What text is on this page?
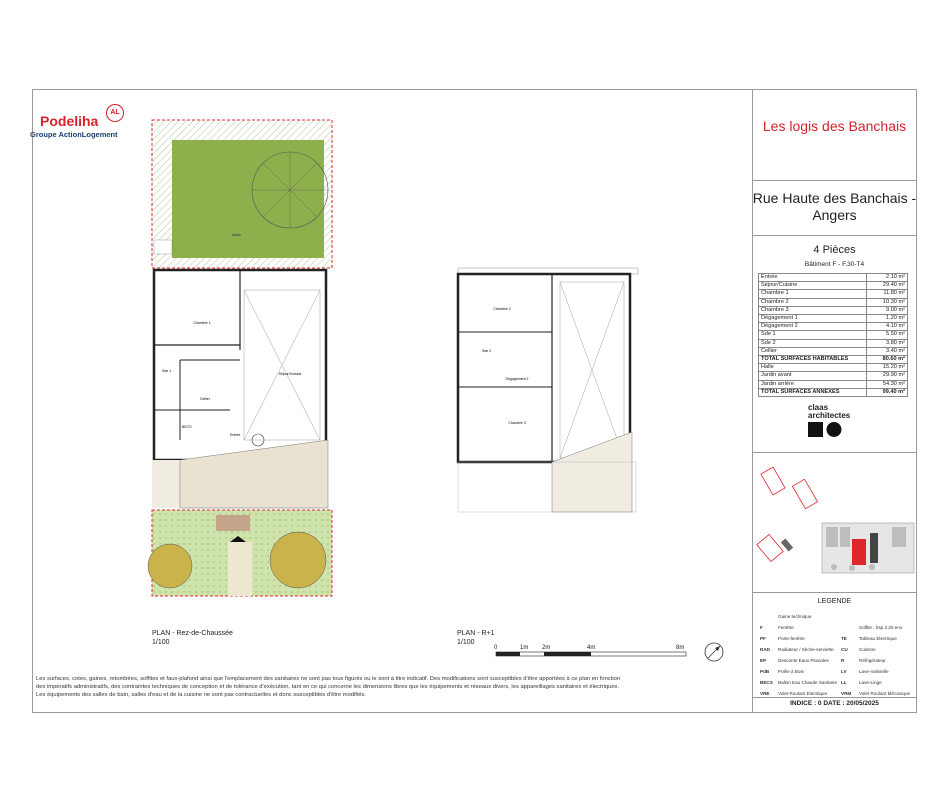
Podeliha
AL
Groupe ActionLogement
Les logis des Banchais
Rue Haute des Banchais - Angers
4 Pièces
Bâtiment F - F.30-T4
Entrée	2.10 m²
Séjour/Cuisine	29.40 m²
Chambre 1	11.80 m²
Chambre 2	10.30 m²
Chambre 3	9.00 m²
Dégagement 1	1.20 m²
Dégagement 2	4.10 m²
Sde 1	5.50 m²
Sde 2	3.80 m²
Cellier	3.40 m²
TOTAL SURFACES HABITABLES	80.60 m²
Halle	15.20 m²
Jardin avant	29.90 m²
Jardin arrière	54.30 m²
TOTAL SURFACES ANNEXES	99.40 m²
claas
architectes
LEGENDE
	Gaine technique		
F	Fenêtre		Soffite : hsp 2.20 env.
PF	Porte-fenêtre	TE	Tableau Electrique
RAD	Radiateur / Sèche-serviette	CU	Cuisson
EP	Descente Eaux Pluviales	R	Réfrigérateur
PdB	Poêle à Bois	LV	Lave-Vaisselle
BECS	Ballon Eau Chaude Sanitaire	LL	Lave-Linge
VRE	Volet Roulant Electrique	VRM	Volet Roulant Mécanique
INDICE : 0 DATE : 20/05/2025
Jardin
Chambre 1
Séjour/Cuisine
Sde 1
Cellier
BECS
Entrée
PLAN - Rez-de-Chaussée
1/100
Chambre 2
Sde 2
Dégagement 2
Chambre 3
PLAN - R+1
1/100
0	1m 2m	4m	8m
Les surfaces, cotes, gaines, retombées, soffites et faux-plafond ainsi que l'emplacement des sanitaires ne sont pas tous figurés ou le sont à titre indicatif. Des modifications sont susceptibles d'être apportées à ce plan en fonction
des impératifs administratifs, des contraintes techniques de conception et de tolérance d'exécution, tant en ce qui concerne les dimensions libres que les équipements et réseaux divers, les appareillages sanitaires et électriques.
Les équipements des salles de bain, salles d'eau et de la cuisine ne sont pas contractuelles et donc susceptibles d'être modifiés.
